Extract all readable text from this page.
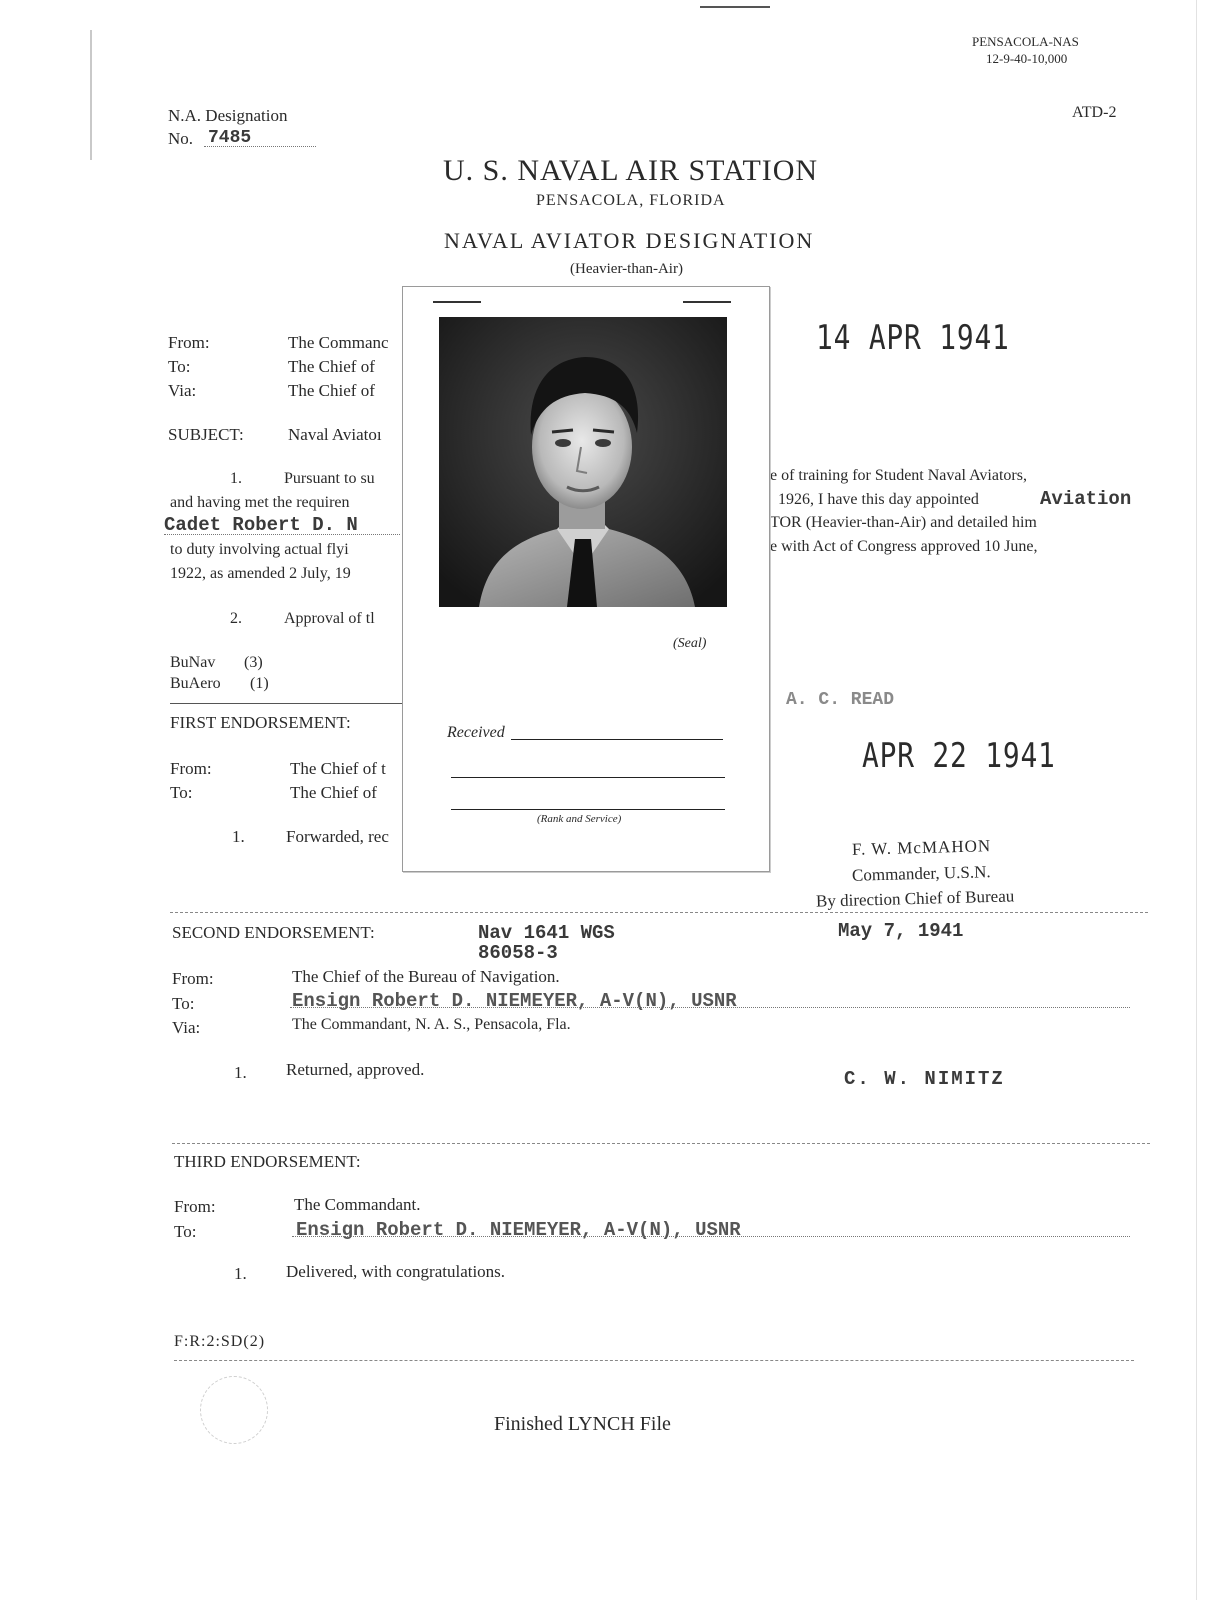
PENSACOLA-NAS
12-9-40-10,000
ATD-2
N.A. Designation
No. 7485
U. S. NAVAL AIR STATION
PENSACOLA, FLORIDA
NAVAL AVIATOR DESIGNATION
(Heavier-than-Air)
From:	The Commanc
To:	The Chief of
Via:	The Chief of
14 APR 1941
SUBJECT:	Naval Aviatoı
1.	Pursuant to su	e of training for Student Naval Aviators,
and having met the requiren	1926, I have this day appointed	Aviation
Cadet Robert D. N	TOR (Heavier-than-Air) and detailed him
to duty involving actual flyi	e with Act of Congress approved 10 June,
1922, as amended 2 July, 19
2.	Approval of tl
BuNav (3)
BuAero (1)
A. C. READ
FIRST ENDORSEMENT:
From:	The Chief of t
To:	The Chief of
APR 22 1941
1. Forwarded, rec	F. W. McMAHON
Commander, U.S.N.
By direction Chief of Bureau
(Seal)
Received
(Rank and Service)
SECOND ENDORSEMENT:	Nav 1641 WGS
86058-3
May 7, 1941
From:	The Chief of the Bureau of Navigation.
To:	Ensign Robert D. NIEMEYER, A-V(N), USNR
Via:	The Commandant, N. A. S., Pensacola, Fla.
1. Returned, approved.	C. W. NIMITZ
THIRD ENDORSEMENT:
From:	The Commandant.
To:	Ensign Robert D. NIEMEYER, A-V(N), USNR
1. Delivered, with congratulations.
F:R:2:SD(2)
Finished LYNCH File
